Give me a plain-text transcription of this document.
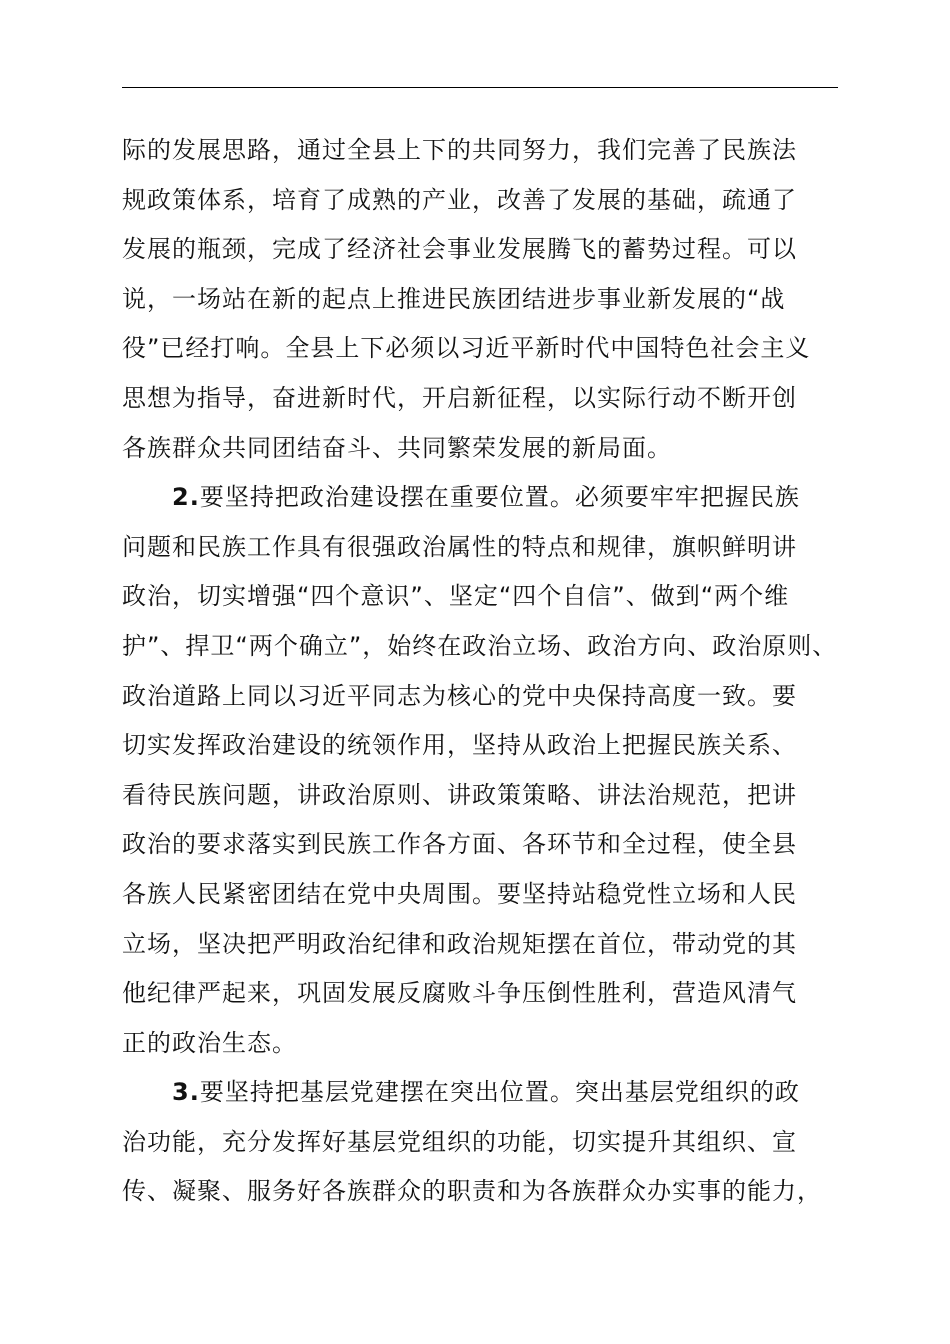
际的发展思路，通过全县上下的共同努力，我们完善了民族法
规政策体系，培育了成熟的产业，改善了发展的基础，疏通了
发展的瓶颈，完成了经济社会事业发展腾飞的蓄势过程。可以
说，一场站在新的起点上推进民族团结进步事业新发展的“战
役”已经打响。全县上下必须以习近平新时代中国特色社会主义
思想为指导，奋进新时代，开启新征程，以实际行动不断开创
各族群众共同团结奋斗、共同繁荣发展的新局面。
2.要坚持把政治建设摆在重要位置。必须要牢牢把握民族
问题和民族工作具有很强政治属性的特点和规律，旗帜鲜明讲
政治，切实增强“四个意识”、坚定“四个自信”、做到“两个维
护”、捍卫“两个确立”，始终在政治立场、政治方向、政治原则、
政治道路上同以习近平同志为核心的党中央保持高度一致。要
切实发挥政治建设的统领作用，坚持从政治上把握民族关系、
看待民族问题，讲政治原则、讲政策策略、讲法治规范，把讲
政治的要求落实到民族工作各方面、各环节和全过程，使全县
各族人民紧密团结在党中央周围。要坚持站稳党性立场和人民
立场，坚决把严明政治纪律和政治规矩摆在首位，带动党的其
他纪律严起来，巩固发展反腐败斗争压倒性胜利，营造风清气
正的政治生态。
3.要坚持把基层党建摆在突出位置。突出基层党组织的政
治功能，充分发挥好基层党组织的功能，切实提升其组织、宣
传、凝聚、服务好各族群众的职责和为各族群众办实事的能力，
